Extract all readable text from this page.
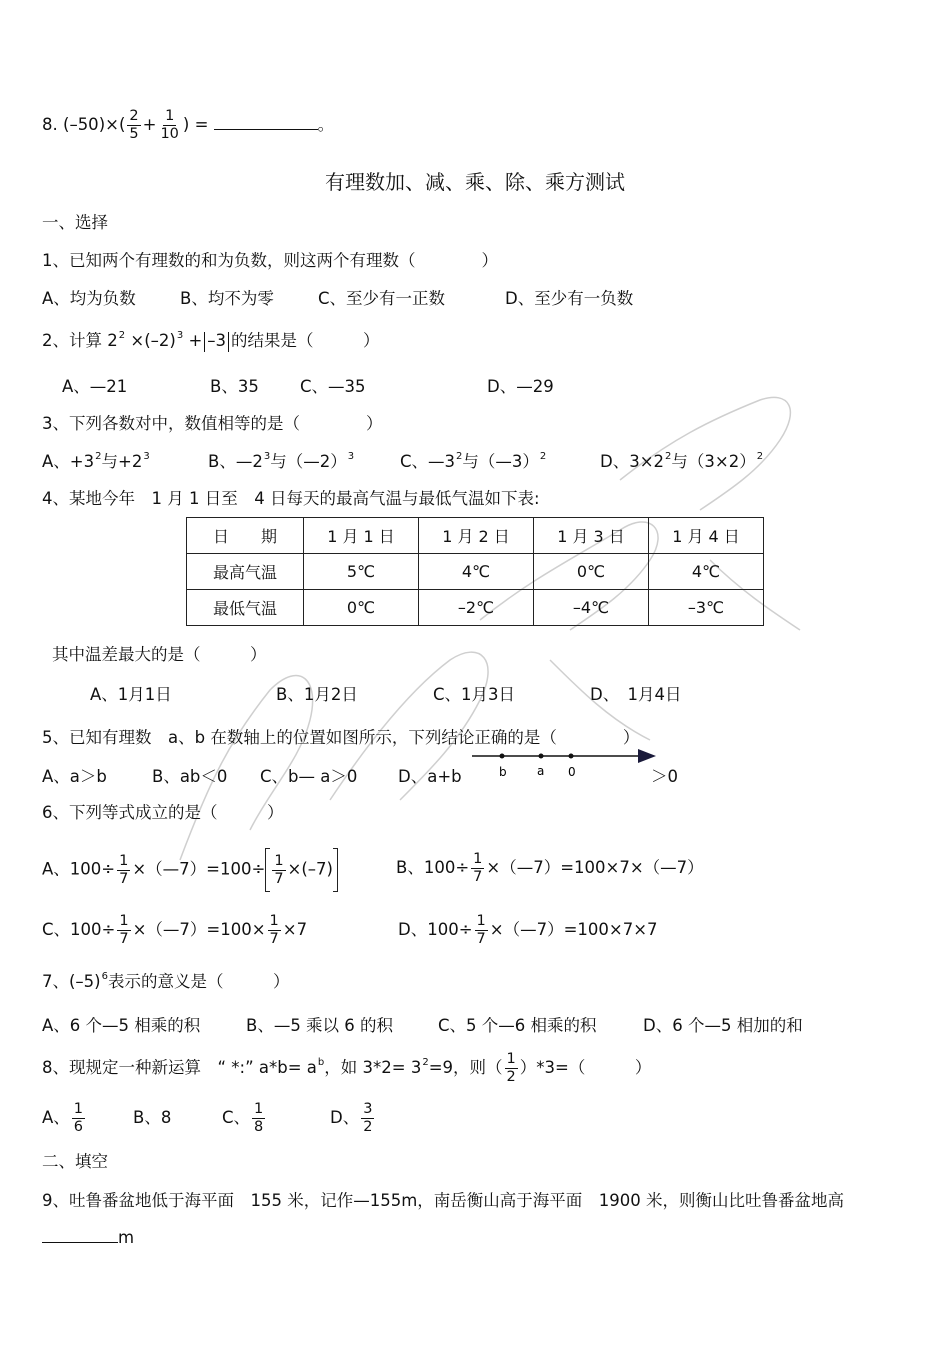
8. $(-50)\times( \frac{2}{5} + \frac{1}{10}$ ) =	。
有理数加、减、乘、除、乘方测试
一、选择
1、已知两个有理数的和为负数，则这两个有理数（　　　　）
A、均为负数	B、均不为零	C、至少有一正数	D、至少有一负数
2、计算 $2^2 \times(-2)^3 + -3$ 的结果是（　　　）
A、—21	B、35 C、—35	D、—29
3、下列各数对中，数值相等的是（　　　　）
A、$+3^2$与$+2^3$	B、$—2^3$与（—2）$^3$	C、$—3^2$与（—3）$^2$	D、$3\times 2^2$与$(3\times 2)^2$
4、某地今年　1 月 1 日至　4 日每天的最高气温与最低气温如下表:
日　　期	1 月 1 日	1 月 2 日	1 月 3 日	1 月 4 日
最高气温	5℃	4℃	0℃	4℃
最低气温	0℃	–2℃	–4℃	–3℃
其中温差最大的是（　　　）
A、1月1日	B、1月2日	C、1月3日	D、　1月4日
5、已知有理数　a、b 在数轴上的位置如图所示，下列结论正确的是（　　　　）
A、a＞b	B、ab＜0 C、b— a＞0 D、a+b	b	a 0	＞0
6、下列等式成立的是（　　　）
A、$100\div \frac{1}{7}$ ×（—7）=100÷ $\frac{1}{7} \times(-7)$	B、$100\div \frac{1}{7}$ ×（—7）=100×7×（—7）
C、$100\div \frac{1}{7}$ ×（—7）=100× $\frac{1}{7} \times 7$	D、$100\div \frac{1}{7}$ ×（—7）=100×7×7
7、$(-5)^6$表示的意义是（　　　）
A、6 个—5 相乘的积	B、—5 乘以 6 的积	C、5 个—6 相乘的积	D、6 个—5 相加的和
8、现规定一种新运算　“ *:” $a*b= a^b$，如 $3*2= 3^2=9$，则（ $\frac{1}{2} )*3=$（　　　）
A、 $\frac{1}{6}$	B、8	C、 $\frac{1}{8}$	D、 $\frac{3}{2}$
二、填空
9、吐鲁番盆地低于海平面　155 米，记作—155m，南岳衡山高于海平面　1900 米，则衡山比吐鲁番盆地高
m
